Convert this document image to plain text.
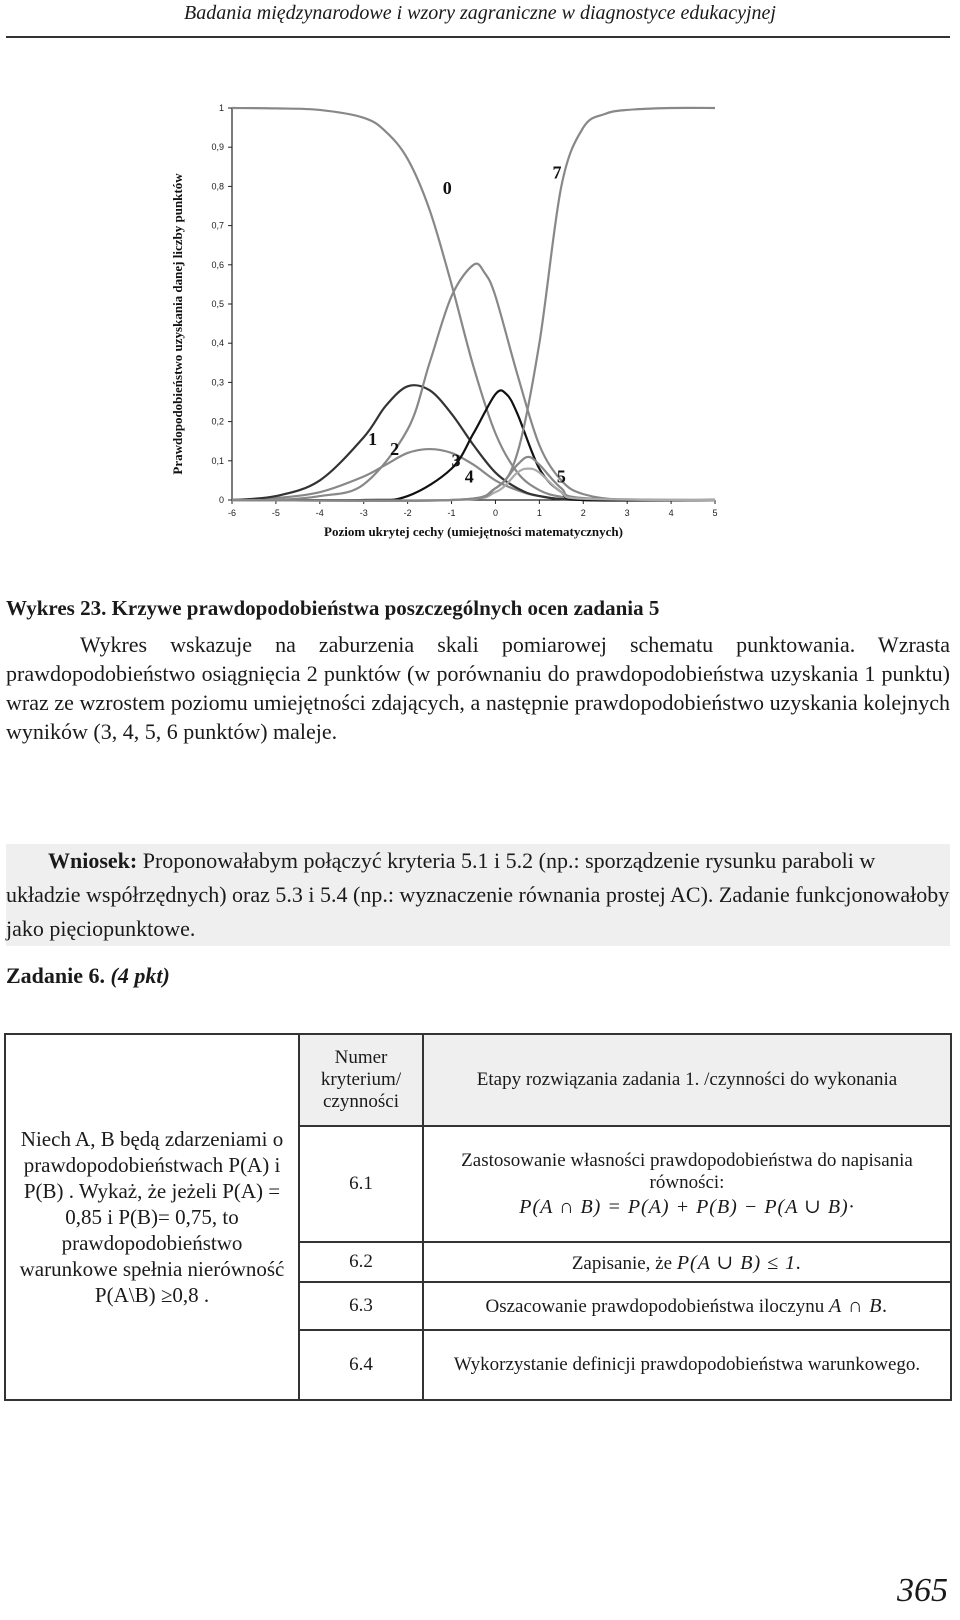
Badania międzynarodowe i wzory zagraniczne w diagnostyce edukacyjnej
-6	-5	-4	-3	-2	-1	0	1	2	3	4	5
0
0,1
0,2
0,3
0,4
0,5
0,6
0,7
0,8
0,9
1
Poziom ukrytej cechy (umiejętności matematycznych)
Prawdopodobieństwo uzyskania danej liczby punktów	0
7
1 2
3
4	5
Wykres 23. Krzywe prawdopodobieństwa poszczególnych ocen zadania 5
Wykres wskazuje na zaburzenia skali pomiarowej schematu punktowania. Wzrasta prawdopodobieństwo osiągnięcia 2 punktów (w porównaniu do prawdopodobieństwa uzyskania 1 punktu) wraz ze wzrostem poziomu umiejętności zdających, a następnie prawdopodobieństwo uzyskania kolejnych wyników (3, 4, 5, 6 punktów) maleje.
Wniosek: Proponowałabym połączyć kryteria 5.1 i 5.2 (np.: sporządzenie rysunku paraboli w układzie współrzędnych) oraz 5.3 i 5.4 (np.: wyznaczenie równania prostej AC). Zadanie funkcjonowałoby jako pięciopunktowe.
Zadanie 6. (4 pkt)
Niech A, B będą zdarzeniami o prawdopodobieństwach P(A) i P(B) . Wykaż, że jeżeli P(A) = 0,85 i P(B)= 0,75, to prawdopodobieństwo warunkowe spełnia nierówność P(A\B) ≥0,8 .	Numer kryterium/ czynności	Etapy rozwiązania zadania 1. /czynności do wykonania
	6.1	Zastosowanie własności prawdopodobieństwa do napisania równości:
P(A ∩ B) = P(A) + P(B) − P(A ∪ B)·

	6.2	Zapisanie, że P(A ∪ B) ≤ 1.
	6.3	Oszacowanie prawdopodobieństwa iloczynu A ∩ B.
	6.4	Wykorzystanie definicji prawdopodobieństwa warunkowego.
365
